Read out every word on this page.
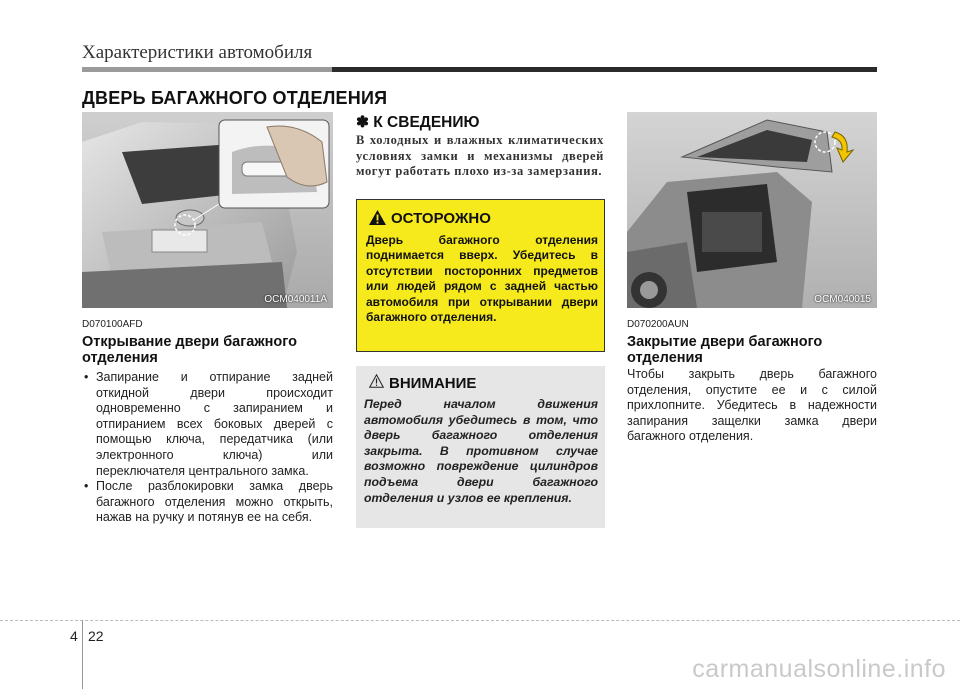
Характеристики автомобиля
ДВЕРЬ БАГАЖНОГО ОТДЕЛЕНИЯ
OCM040011A
D070100AFD
Открывание двери багажного отделения
• Запирание и отпирание задней откидной двери происходит одновременно с запиранием и отпиранием всех боковых дверей с помощью ключа, передатчика (или электронного ключа) или переключателя центрального замка.
• После разблокировки замка дверь багажного отделения можно открыть, нажав на ручку и потянув ее на себя.
✽ К СВЕДЕНИЮ
В холодных и влажных климатических условиях замки и механизмы дверей могут работать плохо из-за замерзания.
ОСТОРОЖНО
Дверь багажного отделения поднимается вверх. Убедитесь в отсутствии посторонних предметов или людей рядом с задней частью автомобиля при открывании двери багажного отделения.
ВНИМАНИЕ
Перед началом движения автомобиля убедитесь в том, что дверь багажного отделения закрыта. В противном случае возможно повреждение цилиндров подъема двери багажного отделения и узлов ее крепления.
OCM040015
D070200AUN
Закрытие двери багажного отделения
Чтобы закрыть дверь багажного отделения, опустите ее и с силой прихлопните. Убедитесь в надежности запирания защелки замка двери багажного отделения.
4 22
carmanualsonline.info
